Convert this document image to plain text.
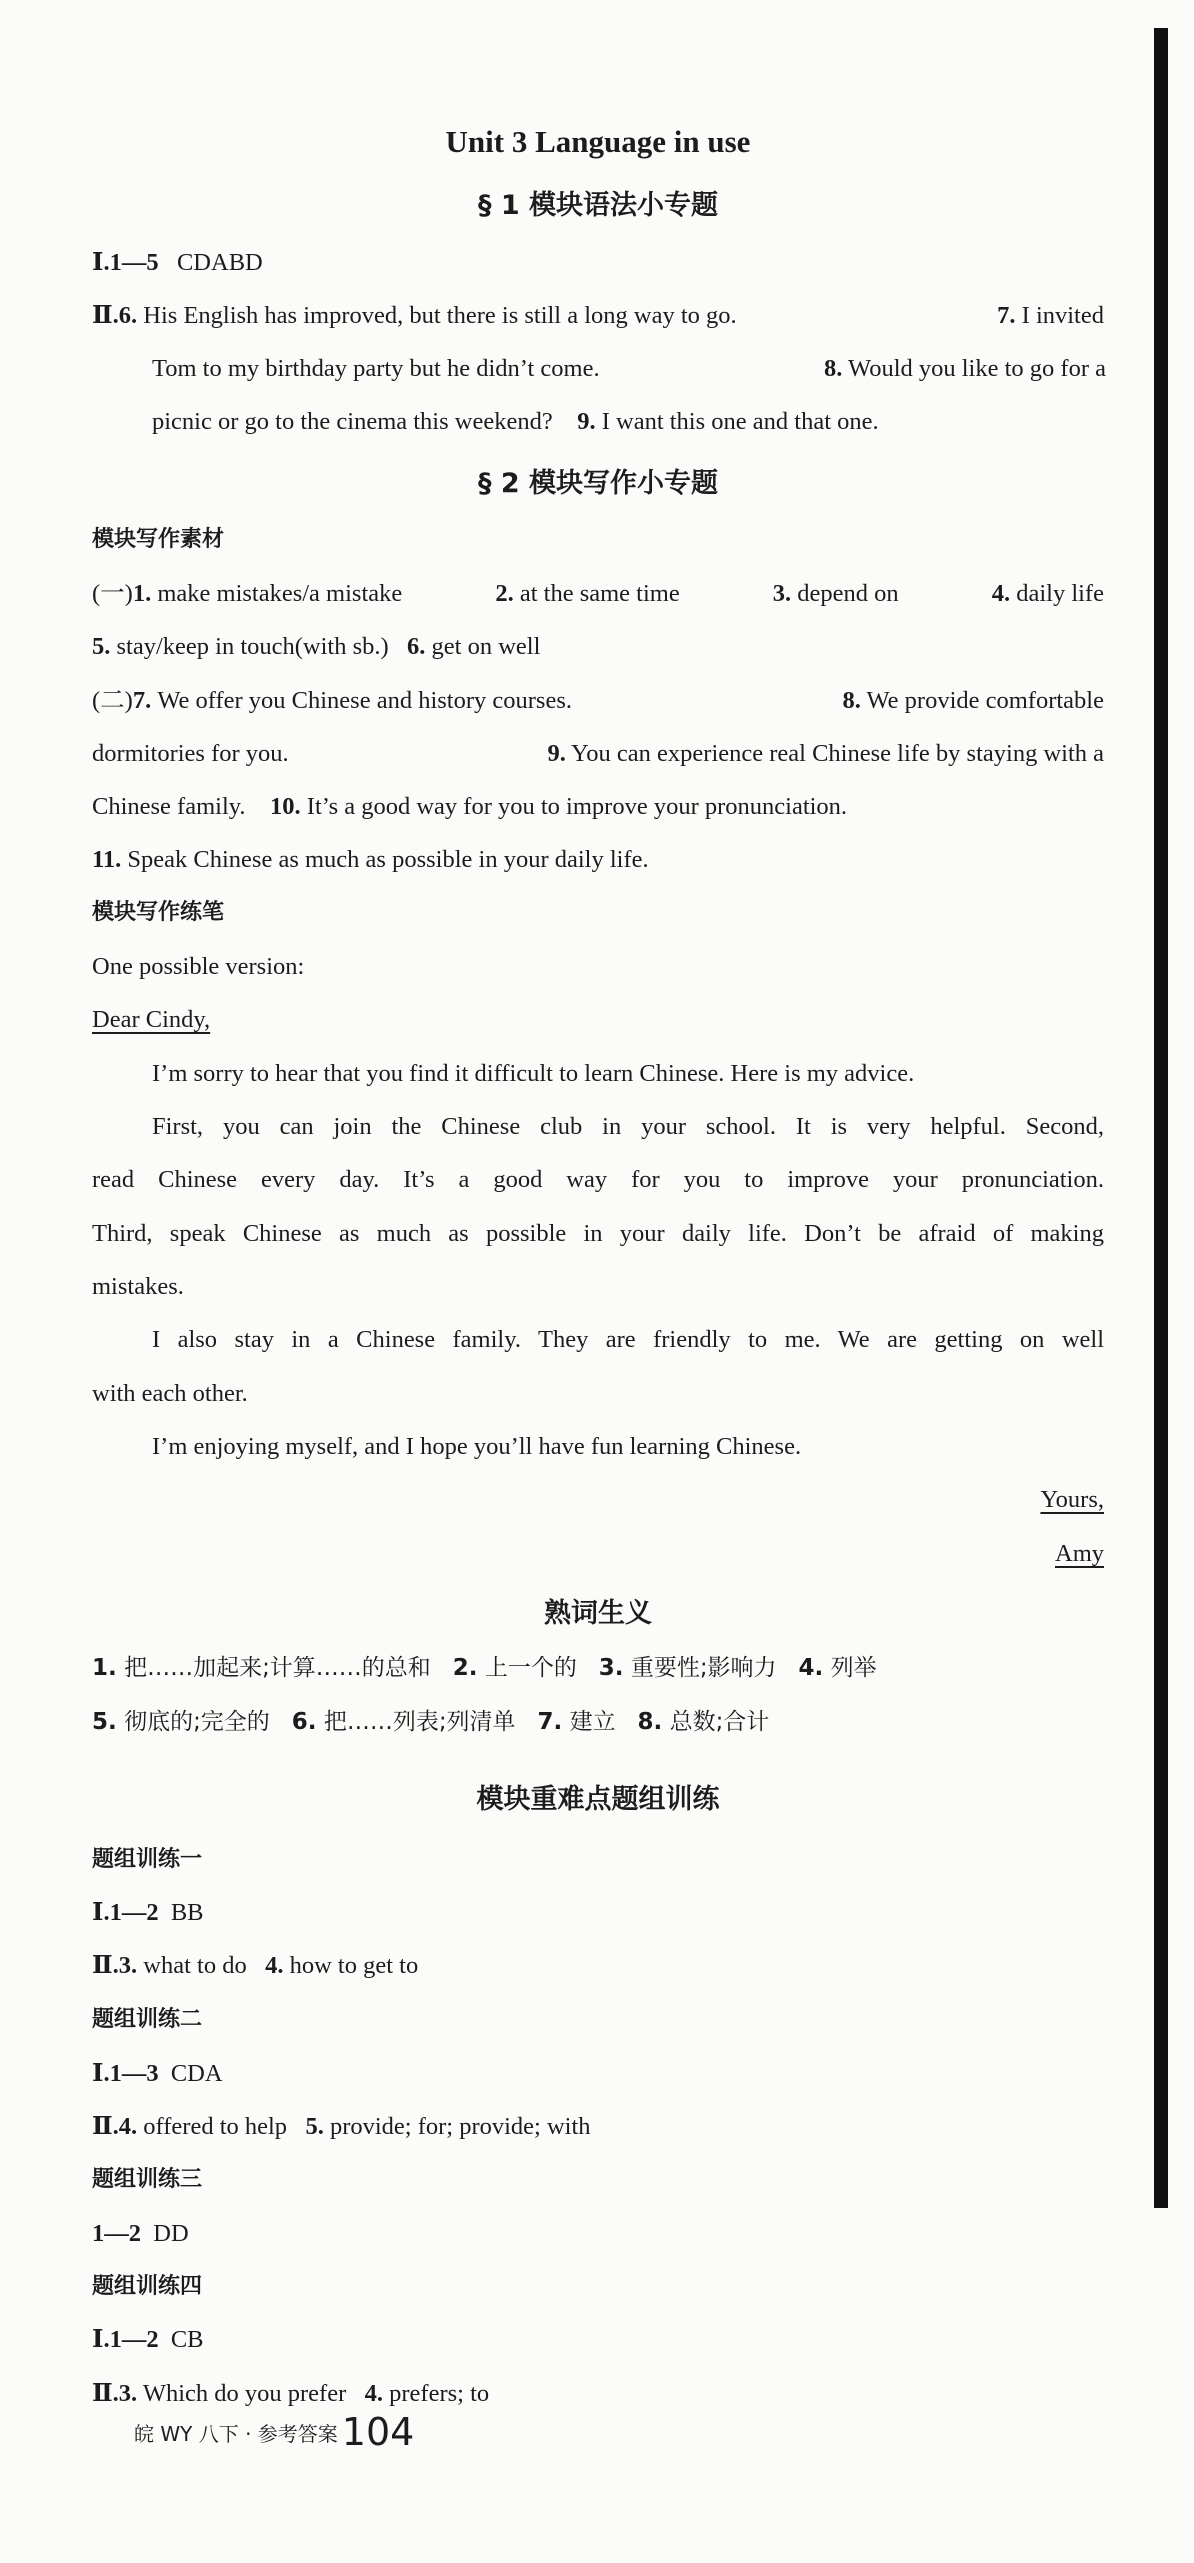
Unit 3 Language in use
§ 1 模块语法小专题
Ⅰ.1—5 CDABD
Ⅱ.6. His English has improved, but there is still a long way to go.	7. I invited
Tom to my birthday party but he didn’t come.	8. Would you like to go for a
picnic or go to the cinema this weekend? 9. I want this one and that one.
§ 2 模块写作小专题
模块写作素材
(一)1. make mistakes/a mistake	2. at the same time	3. depend on	4. daily life
5. stay/keep in touch(with sb.) 6. get on well
(二)7. We offer you Chinese and history courses.	8. We provide comfortable
dormitories for you.	9. You can experience real Chinese life by staying with a
Chinese family. 10. It’s a good way for you to improve your pronunciation.
11. Speak Chinese as much as possible in your daily life.
模块写作练笔
One possible version:
Dear Cindy,
I’m sorry to hear that you find it difficult to learn Chinese. Here is my advice.
First, you can join the Chinese club in your school. It is very helpful. Second,
read Chinese every day. It’s a good way for you to improve your pronunciation.
Third, speak Chinese as much as possible in your daily life. Don’t be afraid of making
mistakes.
I also stay in a Chinese family. They are friendly to me. We are getting on well
with each other.
I’m enjoying myself, and I hope you’ll have fun learning Chinese.
Yours,
Amy
熟词生义
1. 把……加起来;计算……的总和 2. 上一个的 3. 重要性;影响力 4. 列举
5. 彻底的;完全的 6. 把……列表;列清单 7. 建立 8. 总数;合计
模块重难点题组训练
题组训练一
Ⅰ.1—2 BB
Ⅱ.3. what to do 4. how to get to
题组训练二
Ⅰ.1—3 CDA
Ⅱ.4. offered to help 5. provide; for; provide; with
题组训练三
1—2 DD
题组训练四
Ⅰ.1—2 CB
Ⅱ.3. Which do you prefer 4. prefers; to
皖 WY 八下 · 参考答案 104
